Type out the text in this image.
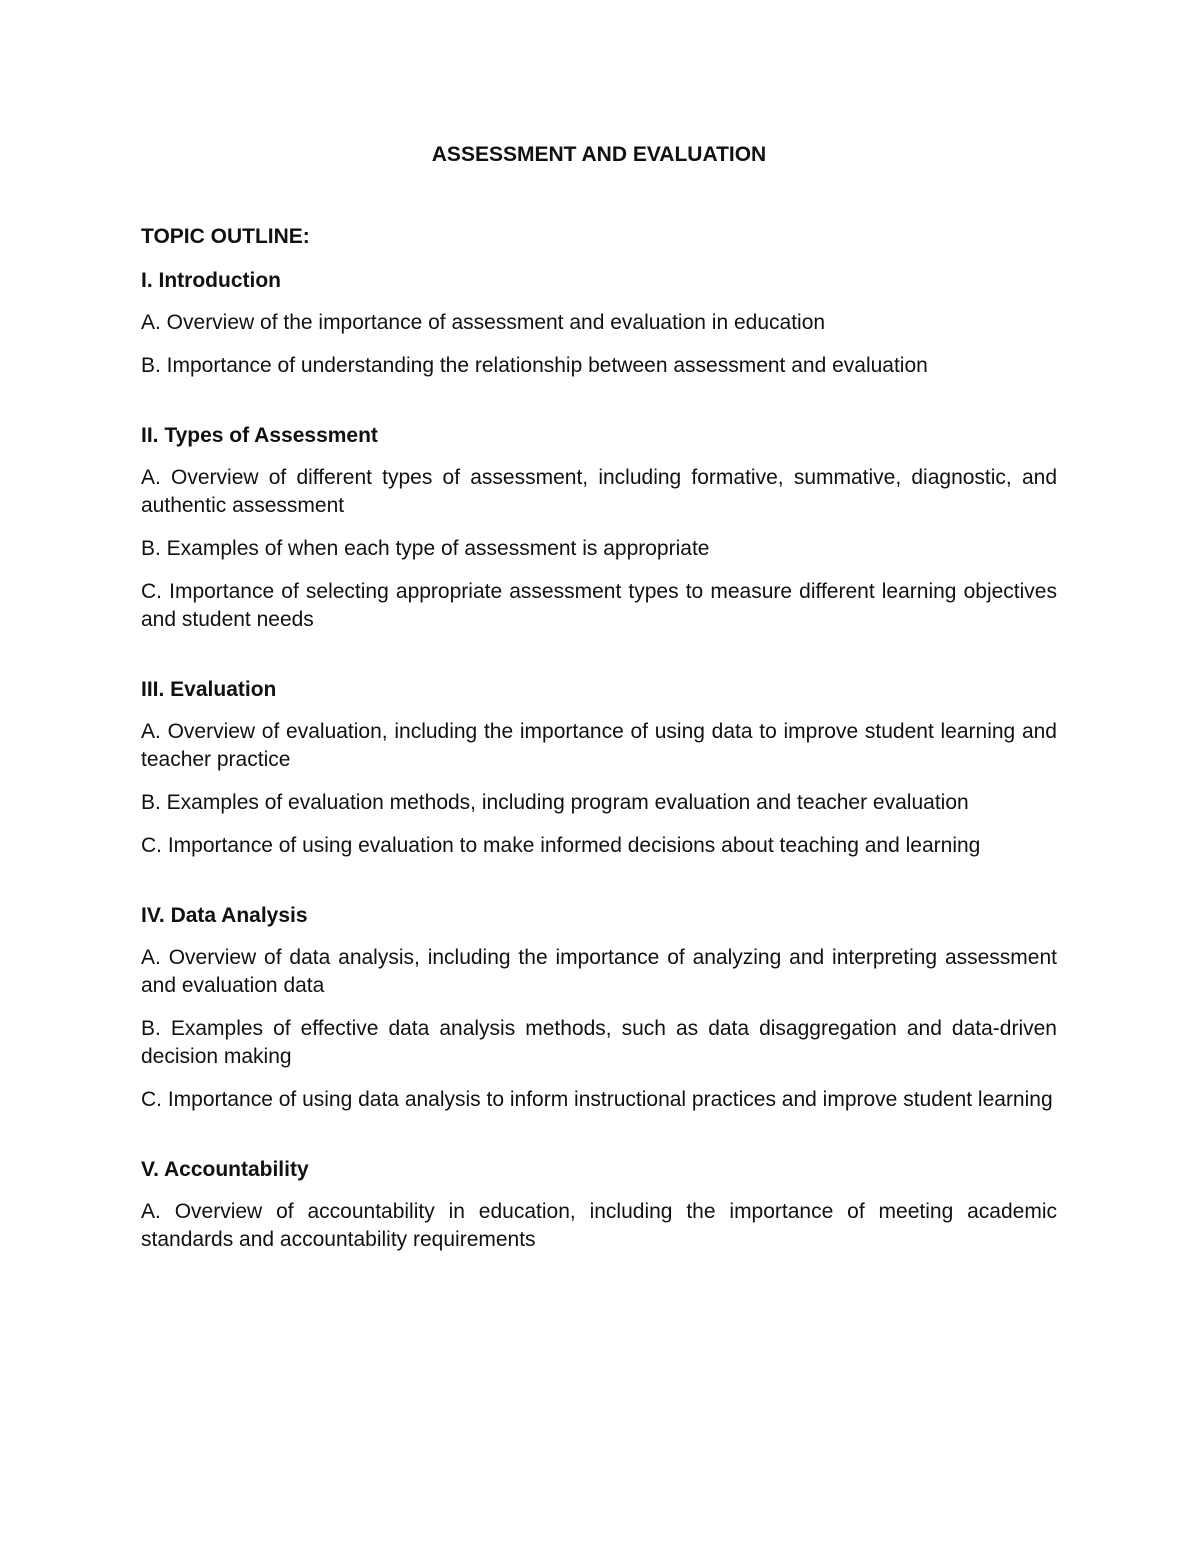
ASSESSMENT AND EVALUATION
TOPIC OUTLINE:
I. Introduction
A. Overview of the importance of assessment and evaluation in education
B. Importance of understanding the relationship between assessment and evaluation
II. Types of Assessment
A. Overview of different types of assessment, including formative, summative, diagnostic, and authentic assessment
B. Examples of when each type of assessment is appropriate
C. Importance of selecting appropriate assessment types to measure different learning objectives and student needs
III. Evaluation
A. Overview of evaluation, including the importance of using data to improve student learning and teacher practice
B. Examples of evaluation methods, including program evaluation and teacher evaluation
C. Importance of using evaluation to make informed decisions about teaching and learning
IV. Data Analysis
A. Overview of data analysis, including the importance of analyzing and interpreting assessment and evaluation data
B. Examples of effective data analysis methods, such as data disaggregation and data-driven decision making
C. Importance of using data analysis to inform instructional practices and improve student learning
V. Accountability
A. Overview of accountability in education, including the importance of meeting academic standards and accountability requirements
